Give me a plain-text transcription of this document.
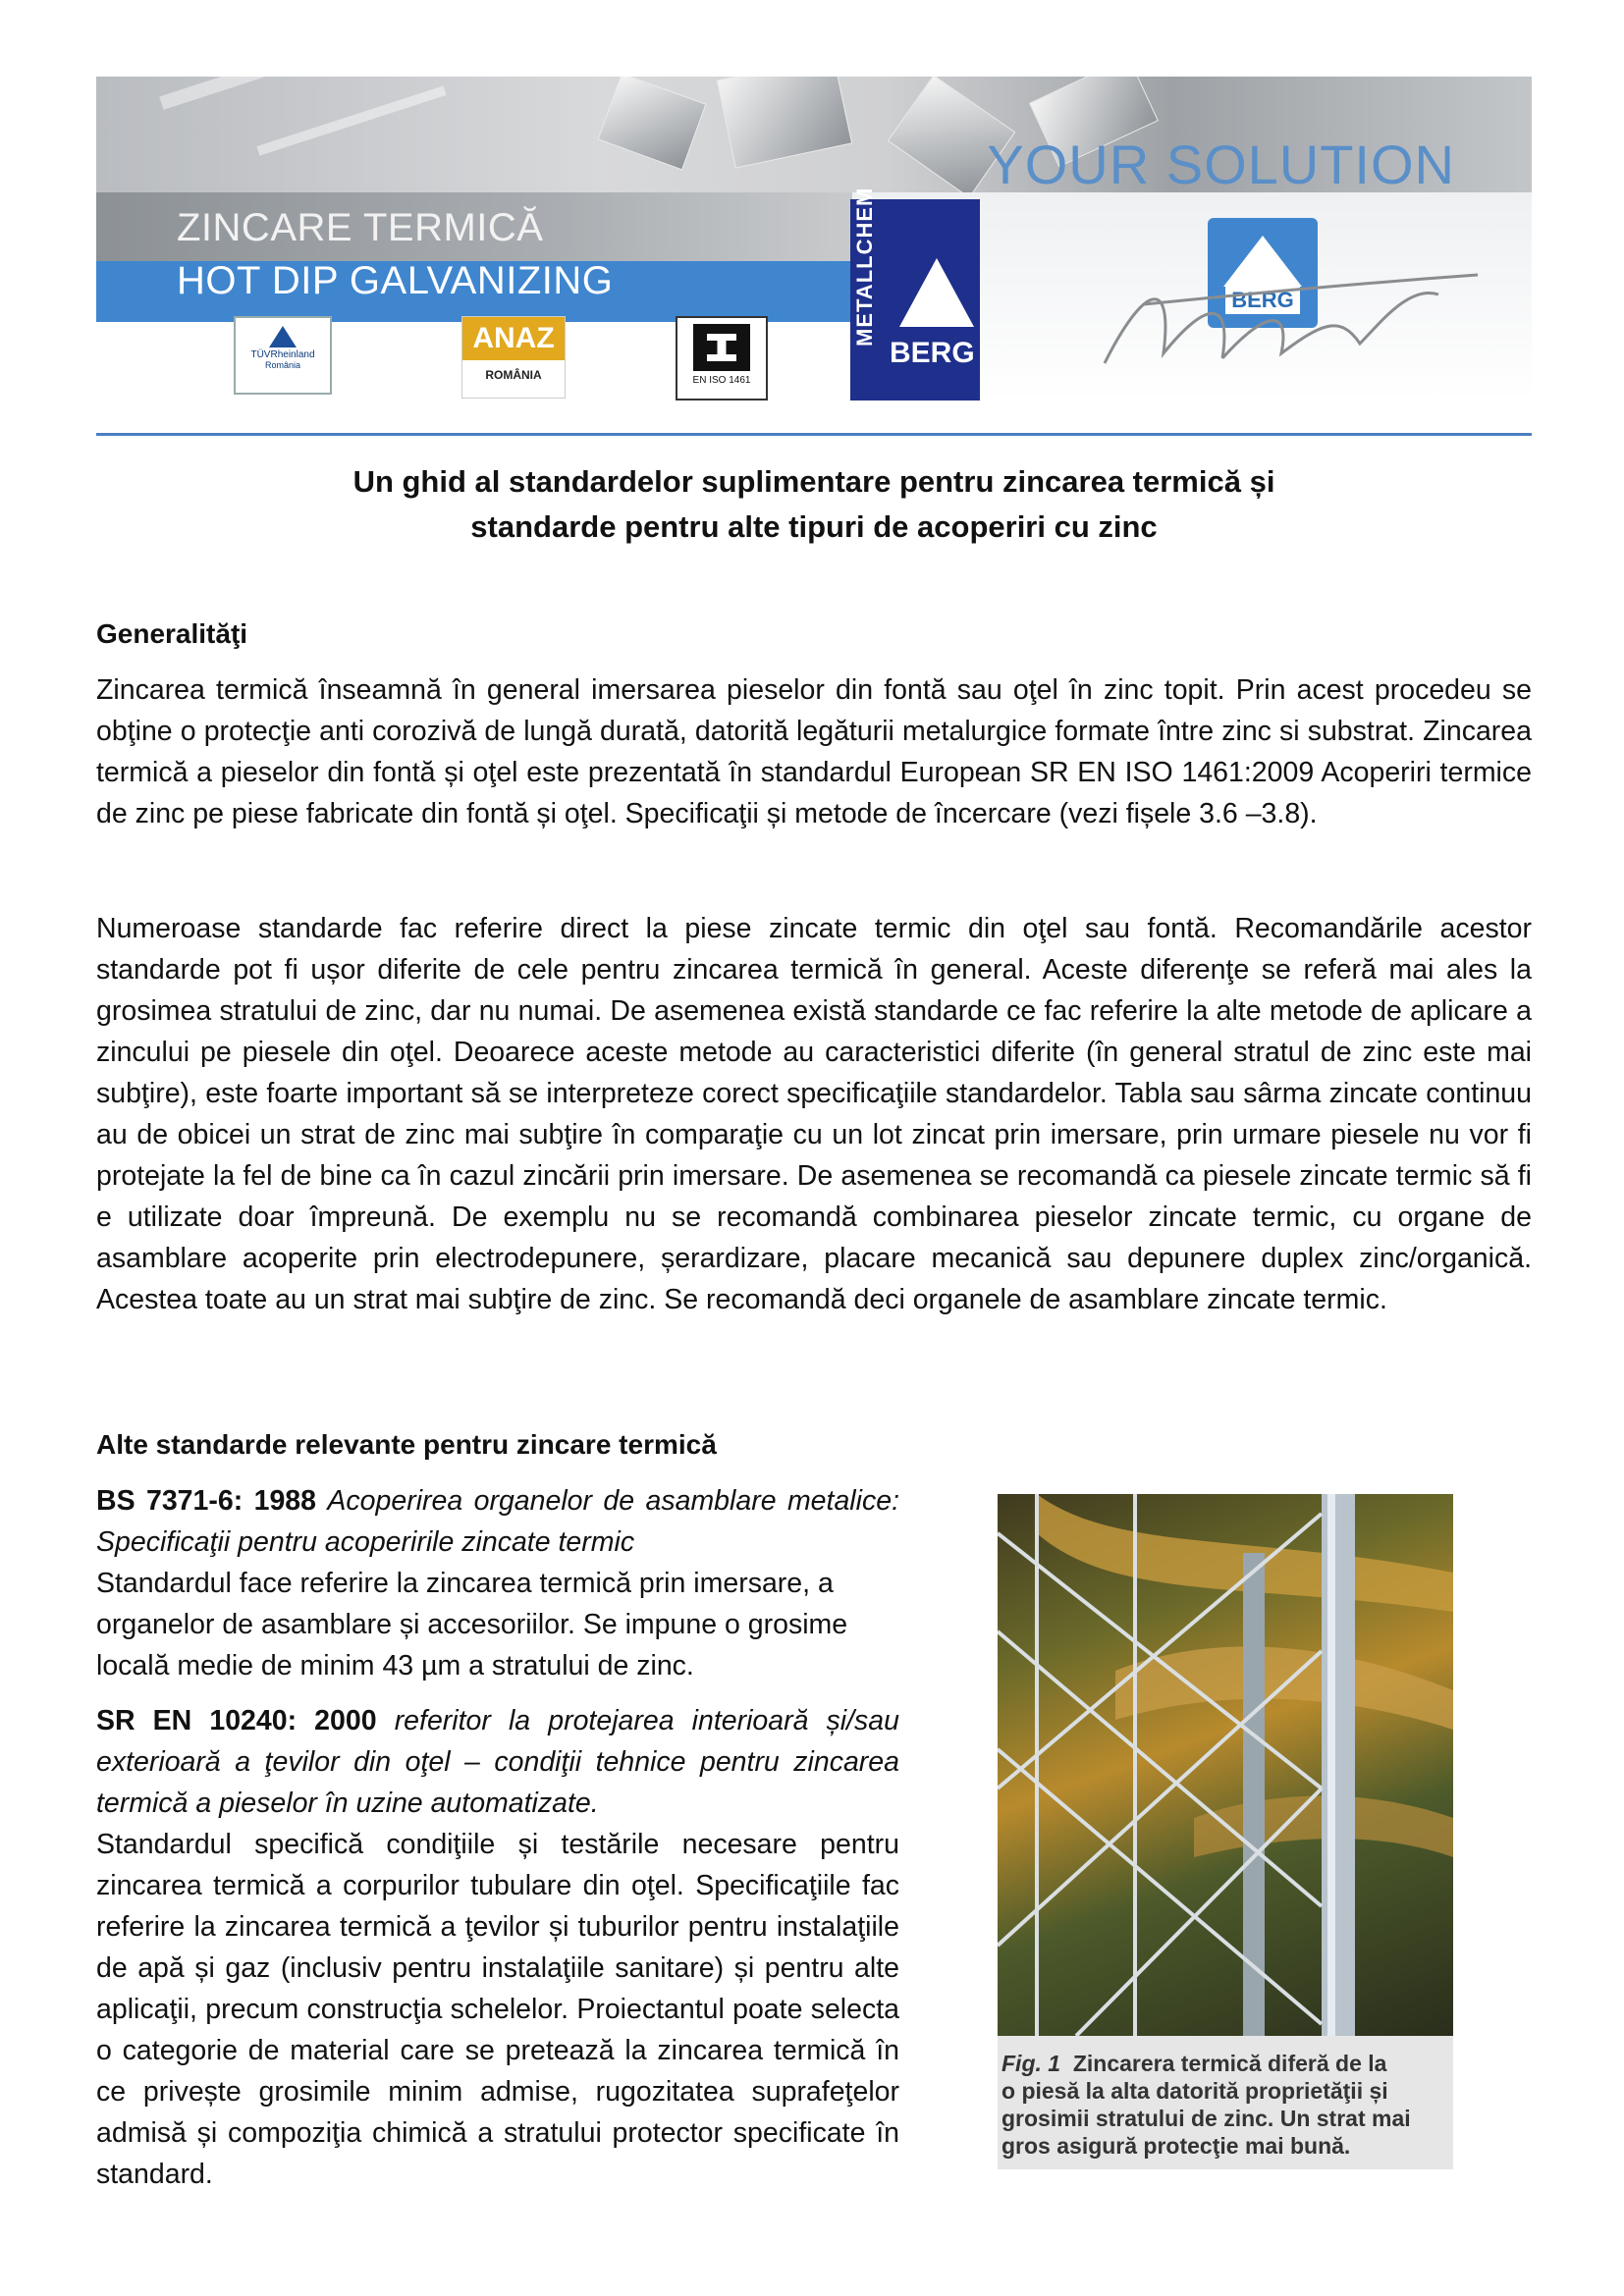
YOUR SOLUTION
ZINCARE TERMICĂ
HOT DIP GALVANIZING
TÜVRheinland
România
ANAZ
ROMÂNIA	EN ISO 1461
METALLCHEM
BERG
BERG
Un ghid al standardelor suplimentare pentru zincarea termică și
standarde pentru alte tipuri de acoperiri cu zinc
Generalităţi
Zincarea termică înseamnă în general imersarea pieselor din fontă sau oţel în zinc topit. Prin acest procedeu se obţine o protecţie anti corozivă de lungă durată, datorită legăturii metalurgice formate între zinc si substrat. Zincarea termică a pieselor din fontă și oţel este prezentată în standardul European SR EN ISO 1461:2009 Acoperiri termice de zinc pe piese fabricate din fontă și oţel. Specificaţii și metode de încercare (vezi fișele 3.6 –3.8).
Numeroase standarde fac referire direct la piese zincate termic din oţel sau fontă. Recomandările acestor standarde pot fi ușor diferite de cele pentru zincarea termică în general. Aceste diferenţe se referă mai ales la grosimea stratului de zinc, dar nu numai. De asemenea există standarde ce fac referire la alte metode de aplicare a zincului pe piesele din oţel. Deoarece aceste metode au caracteristici diferite (în general stratul de zinc este mai subţire), este foarte important să se interpreteze corect specificaţiile standardelor. Tabla sau sârma zincate continuu au de obicei un strat de zinc mai subţire în comparaţie cu un lot zincat prin imersare, prin urmare piesele nu vor fi protejate la fel de bine ca în cazul zincării prin imersare. De asemenea se recomandă ca piesele zincate termic să fi e utilizate doar împreună. De exemplu nu se recomandă combinarea pieselor zincate termic, cu organe de asamblare acoperite prin electrodepunere, șerardizare, placare mecanică sau depunere duplex zinc/organică. Acestea toate au un strat mai subţire de zinc. Se recomandă deci organele de asamblare zincate termic.
Alte standarde relevante pentru zincare termică

BS 7371-6: 1988 Acoperirea organelor de asamblare metalice: Specificaţii pentru acoperirile zincate termic

Standardul face referire la zincarea termică prin imersare, a organelor de asamblare și accesoriilor. Se impune o grosime locală medie de minim 43 µm a stratului de zinc.

SR EN 10240: 2000 referitor la protejarea interioară și/sau exterioară a ţevilor din oţel – condiţii tehnice pentru zincarea termică a pieselor în uzine automatizate.

Standardul specifică condiţiile și testările necesare pentru zincarea termică a corpurilor tubulare din oţel. Specificaţiile fac referire la zincarea termică a ţevilor și tuburilor pentru instalaţiile de apă și gaz (inclusiv pentru instalaţiile sanitare) și pentru alte aplicaţii, precum construcţia schelelor. Proiectantul poate selecta o categorie de material care se pretează la zincarea termică în ce privește grosimile minim admise, rugozitatea suprafeţelor admisă și compoziţia chimică a stratului protector specificate în standard.

Fig. 1 Zincarera termică diferă de la
o piesă la alta datorită proprietăţii și
grosimii stratului de zinc. Un strat mai
gros asigură protecţie mai bună.
